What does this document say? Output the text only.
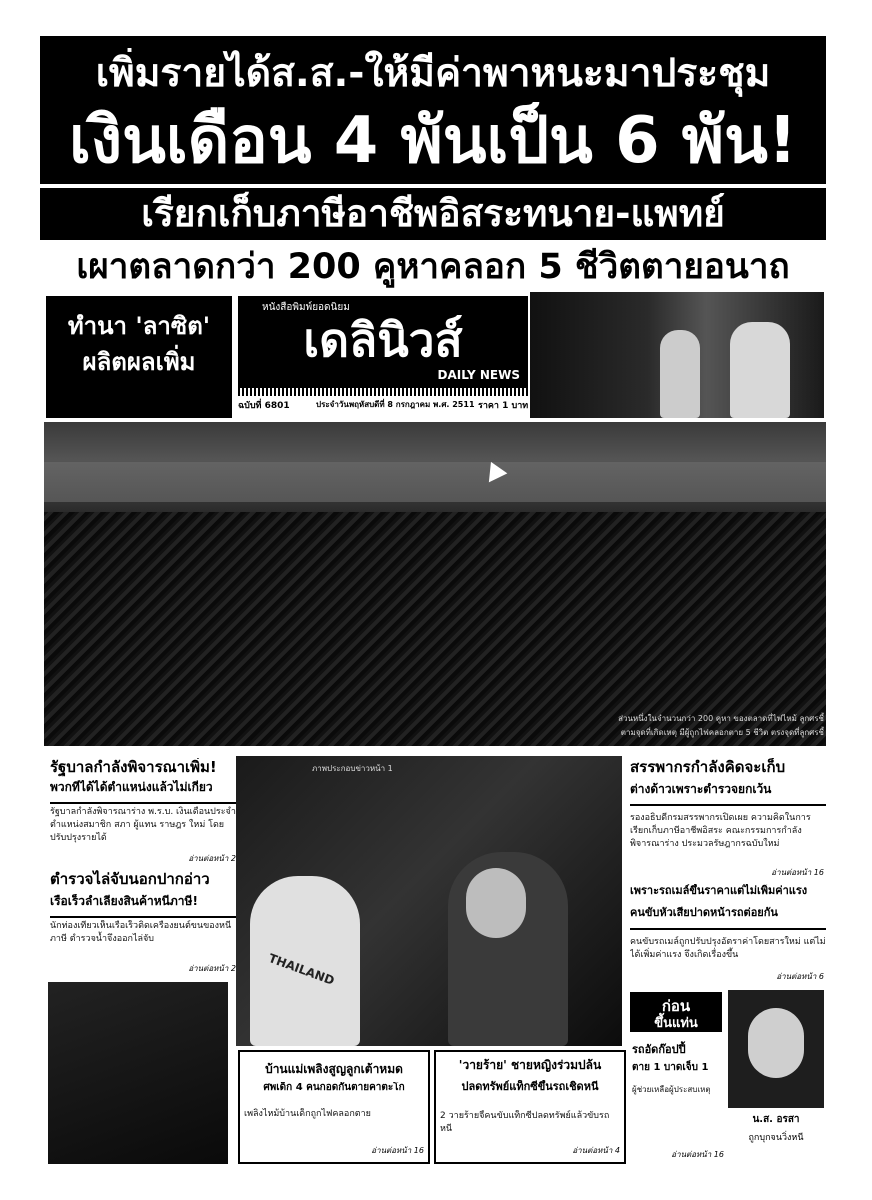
เพิ่มรายได้ส.ส.-ให้มีค่าพาหนะมาประชุม
เงินเดือน 4 พันเป็น 6 พัน!
เรียกเก็บภาษีอาชีพอิสระทนาย-แพทย์
เผาตลาดกว่า 200 คูหาคลอก 5 ชีวิตตายอนาถ
ทำนา 'ลาซิต'
ผลิตผลเพิ่ม
หนังสือพิมพ์ยอดนิยม
เดลินิวส์
DAILY NEWS
ฉบับที่ 6801	ประจำวันพฤหัสบดีที่ 8 กรกฎาคม พ.ศ. 2511 ราคา 1 บาท
ส่วนหนึ่งในจำนวนกว่า 200 คูหา ของตลาดที่ไฟไหม้ ลูกศรชี้
ตามจุดที่เกิดเหตุ มีผู้ถูกไฟคลอกตาย 5 ชีวิต ตรงจุดที่ลูกศรชี้
รัฐบาลกำลังพิจารณาเพิ่ม!
พวกที่ได้ได้ตำแหน่งแล้วไม่เกี่ยว
รัฐบาลกำลังพิจารณาร่าง พ.ร.บ. เงินเดือนประจำตำแหน่งสมาชิก สภา ผู้แทน ราษฎร ใหม่ โดยปรับปรุงรายได้
อ่านต่อหน้า 2
ตำรวจไล่จับนอกปากอ่าว
เรือเร็วลำเลียงสินค้าหนีภาษี!
นักท่องเที่ยวเห็นเรือเร็วติดเครื่องยนต์ขนของหนีภาษี ตำรวจน้ำจึงออกไล่จับ
อ่านต่อหน้า 2	THAILAND
ภาพประกอบข่าวหน้า 1	สรรพากรกำลังคิดจะเก็บ
ต่างด้าวเพราะตำรวจยกเว้น
รองอธิบดีกรมสรรพากรเปิดเผย ความคิดในการเรียกเก็บภาษีอาชีพอิสระ คณะกรรมการกำลังพิจารณาร่าง ประมวลรัษฎากรฉบับใหม่
อ่านต่อหน้า 16
เพราะรถเมล์ขึ้นราคาแต่ไม่เพิ่มค่าแรง
คนขับหัวเสียปาดหน้ารถต่อยกัน
คนขับรถเมล์ถูกปรับปรุงอัตราค่าโดยสารใหม่ แต่ไม่ได้เพิ่มค่าแรง จึงเกิดเรื่องขึ้น
อ่านต่อหน้า 6
บ้านแม่เพลิงสูญลูกเต้าหมด
ศพเด็ก 4 คนกอดกันตายคาตะโก
เพลิงไหม้บ้านเด็กถูกไฟคลอกตาย
อ่านต่อหน้า 16
'วายร้าย' ชายหญิงร่วมปล้น
ปลดทรัพย์แท็กซี่ขึ้นรถเชิดหนี
2 วายร้ายจี้คนขับแท็กซี่ปลดทรัพย์แล้วขับรถหนี
อ่านต่อหน้า 4
ก่อน
ขึ้นแท่น
รถอัดก๊อปปี้
ตาย 1 บาดเจ็บ 1
ผู้ช่วยเหลือผู้ประสบเหตุ
อ่านต่อหน้า 16
น.ส. อรสา
ถูกบุกจนวิ่งหนี
